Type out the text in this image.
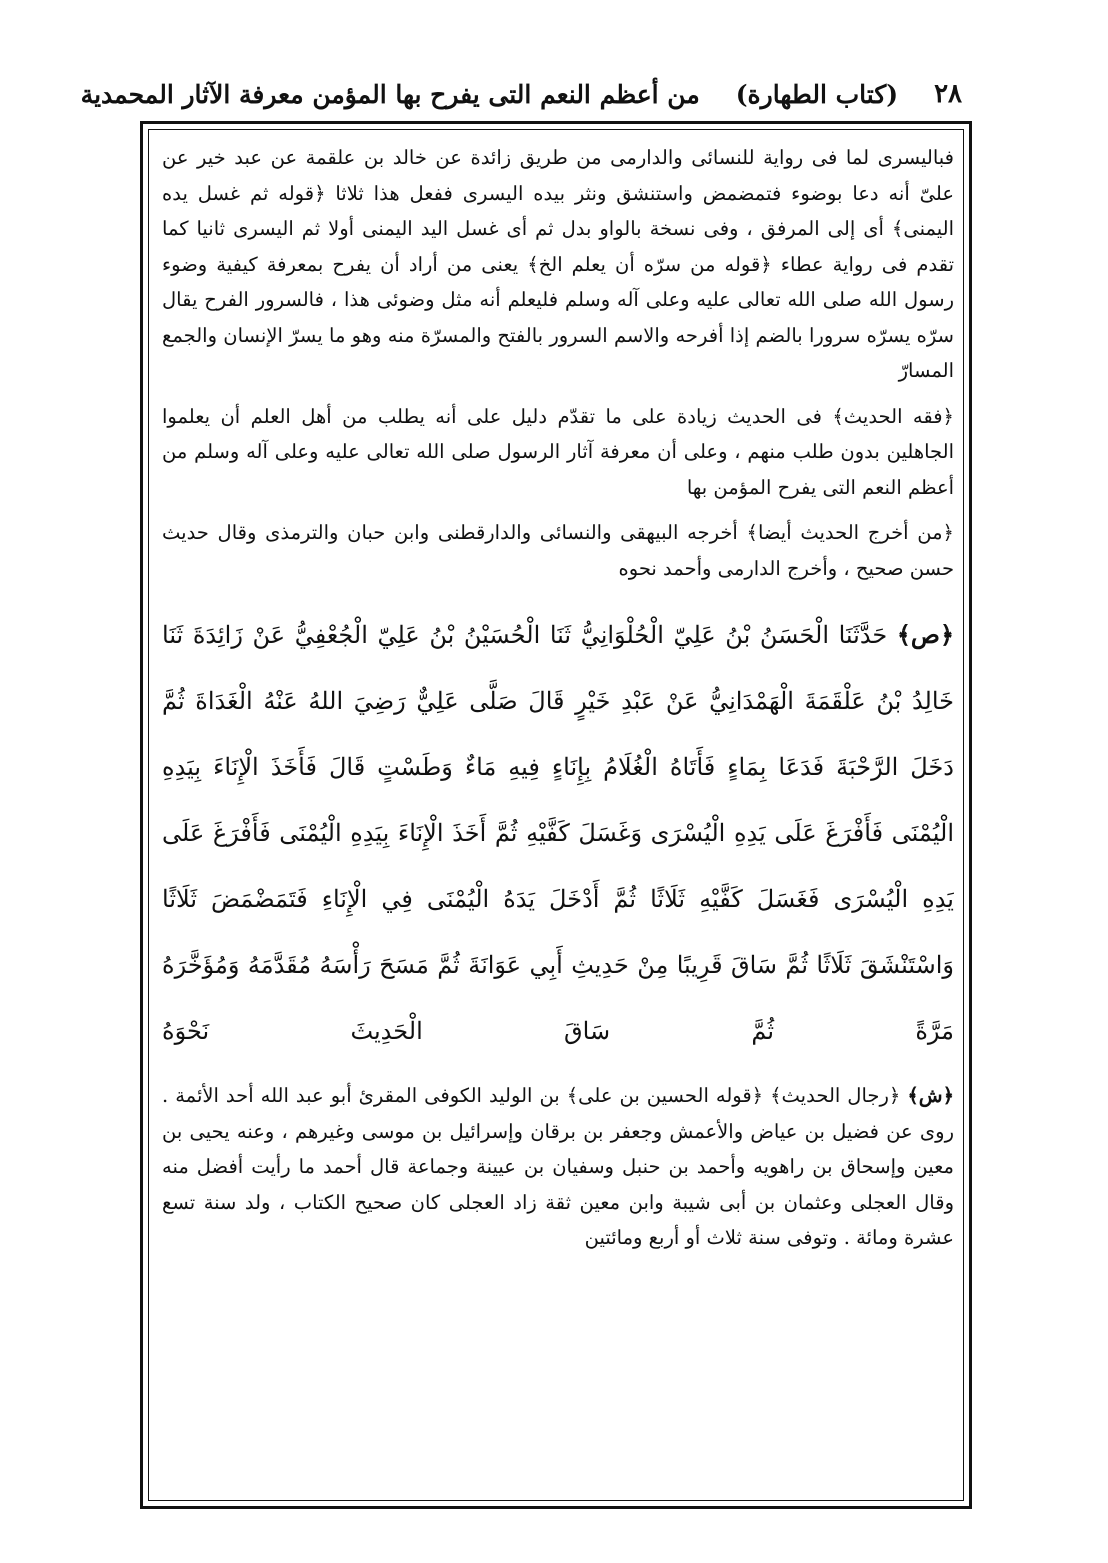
٢٨
(كتاب الطهارة)
من أعظم النعم التى يفرح بها المؤمن معرفة الآثار المحمدية

فباليسرى لما فى رواية للنسائى والدارمى من طريق زائدة عن خالد بن علقمة عن عبد خير عن علىّ أنه دعا بوضوء فتمضمض واستنشق ونثر بيده اليسرى ففعل هذا ثلاثا ﴿قوله ثم غسل يده اليمنى﴾ أى إلى المرفق ، وفى نسخة بالواو بدل ثم أى غسل اليد اليمنى أولا ثم اليسرى ثانيا كما تقدم فى رواية عطاء ﴿قوله من سرّه أن يعلم الخ﴾ يعنى من أراد أن يفرح بمعرفة كيفية وضوء رسول الله صلى الله تعالى عليه وعلى آله وسلم فليعلم أنه مثل وضوئى هذا ، فالسرور الفرح يقال سرّه يسرّه سرورا بالضم إذا أفرحه والاسم السرور بالفتح والمسرّة منه وهو ما يسرّ الإنسان والجمع المسارّ

﴿فقه الحديث﴾ فى الحديث زيادة على ما تقدّم دليل على أنه يطلب من أهل العلم أن يعلموا الجاهلين بدون طلب منهم ، وعلى أن معرفة آثار الرسول صلى الله تعالى عليه وعلى آله وسلم من أعظم النعم التى يفرح المؤمن بها

﴿من أخرج الحديث أيضا﴾ أخرجه البيهقى والنسائى والدارقطنى وابن حبان والترمذى وقال حديث حسن صحيح ، وأخرج الدارمى وأحمد نحوه

﴿ص﴾ حَدَّثَنَا الْحَسَنُ بْنُ عَلِيّ الْحُلْوَانِيُّ ثَنَا الْحُسَيْنُ بْنُ عَلِيّ الْجُعْفِيُّ عَنْ زَائِدَةَ ثَنَا خَالِدُ بْنُ عَلْقَمَةَ الْهَمْدَانِيُّ عَنْ عَبْدِ خَيْرٍ قَالَ صَلَّى عَلِيٌّ رَضِيَ اللهُ عَنْهُ الْغَدَاةَ ثُمَّ دَخَلَ الرَّحْبَةَ فَدَعَا بِمَاءٍ فَأَتَاهُ الْغُلَامُ بِإِنَاءٍ فِيهِ مَاءٌ وَطَسْتٍ قَالَ فَأَخَذَ الْإِنَاءَ بِيَدِهِ الْيُمْنَى فَأَفْرَغَ عَلَى يَدِهِ الْيُسْرَى وَغَسَلَ كَفَّيْهِ ثُمَّ أَخَذَ الْإِنَاءَ بِيَدِهِ الْيُمْنَى فَأَفْرَغَ عَلَى يَدِهِ الْيُسْرَى فَغَسَلَ كَفَّيْهِ ثَلَاثًا ثُمَّ أَدْخَلَ يَدَهُ الْيُمْنَى فِي الْإِنَاءِ فَتَمَضْمَضَ ثَلَاثًا وَاسْتَنْشَقَ ثَلَاثًا ثُمَّ سَاقَ قَرِيبًا مِنْ حَدِيثِ أَبِي عَوَانَةَ ثُمَّ مَسَحَ رَأْسَهُ مُقَدَّمَهُ وَمُؤَخَّرَهُ مَرَّةً ثُمَّ سَاقَ الْحَدِيثَ نَحْوَهُ

﴿ش﴾ ﴿رجال الحديث﴾ ﴿قوله الحسين بن على﴾ بن الوليد الكوفى المقرئ أبو عبد الله أحد الأئمة . روى عن فضيل بن عياض والأعمش وجعفر بن برقان وإسرائيل بن موسى وغيرهم ، وعنه يحيى بن معين وإسحاق بن راهويه وأحمد بن حنبل وسفيان بن عيينة وجماعة قال أحمد ما رأيت أفضل منه وقال العجلى وعثمان بن أبى شيبة وابن معين ثقة زاد العجلى كان صحيح الكتاب ، ولد سنة تسع عشرة ومائة . وتوفى سنة ثلاث أو أربع ومائتين
